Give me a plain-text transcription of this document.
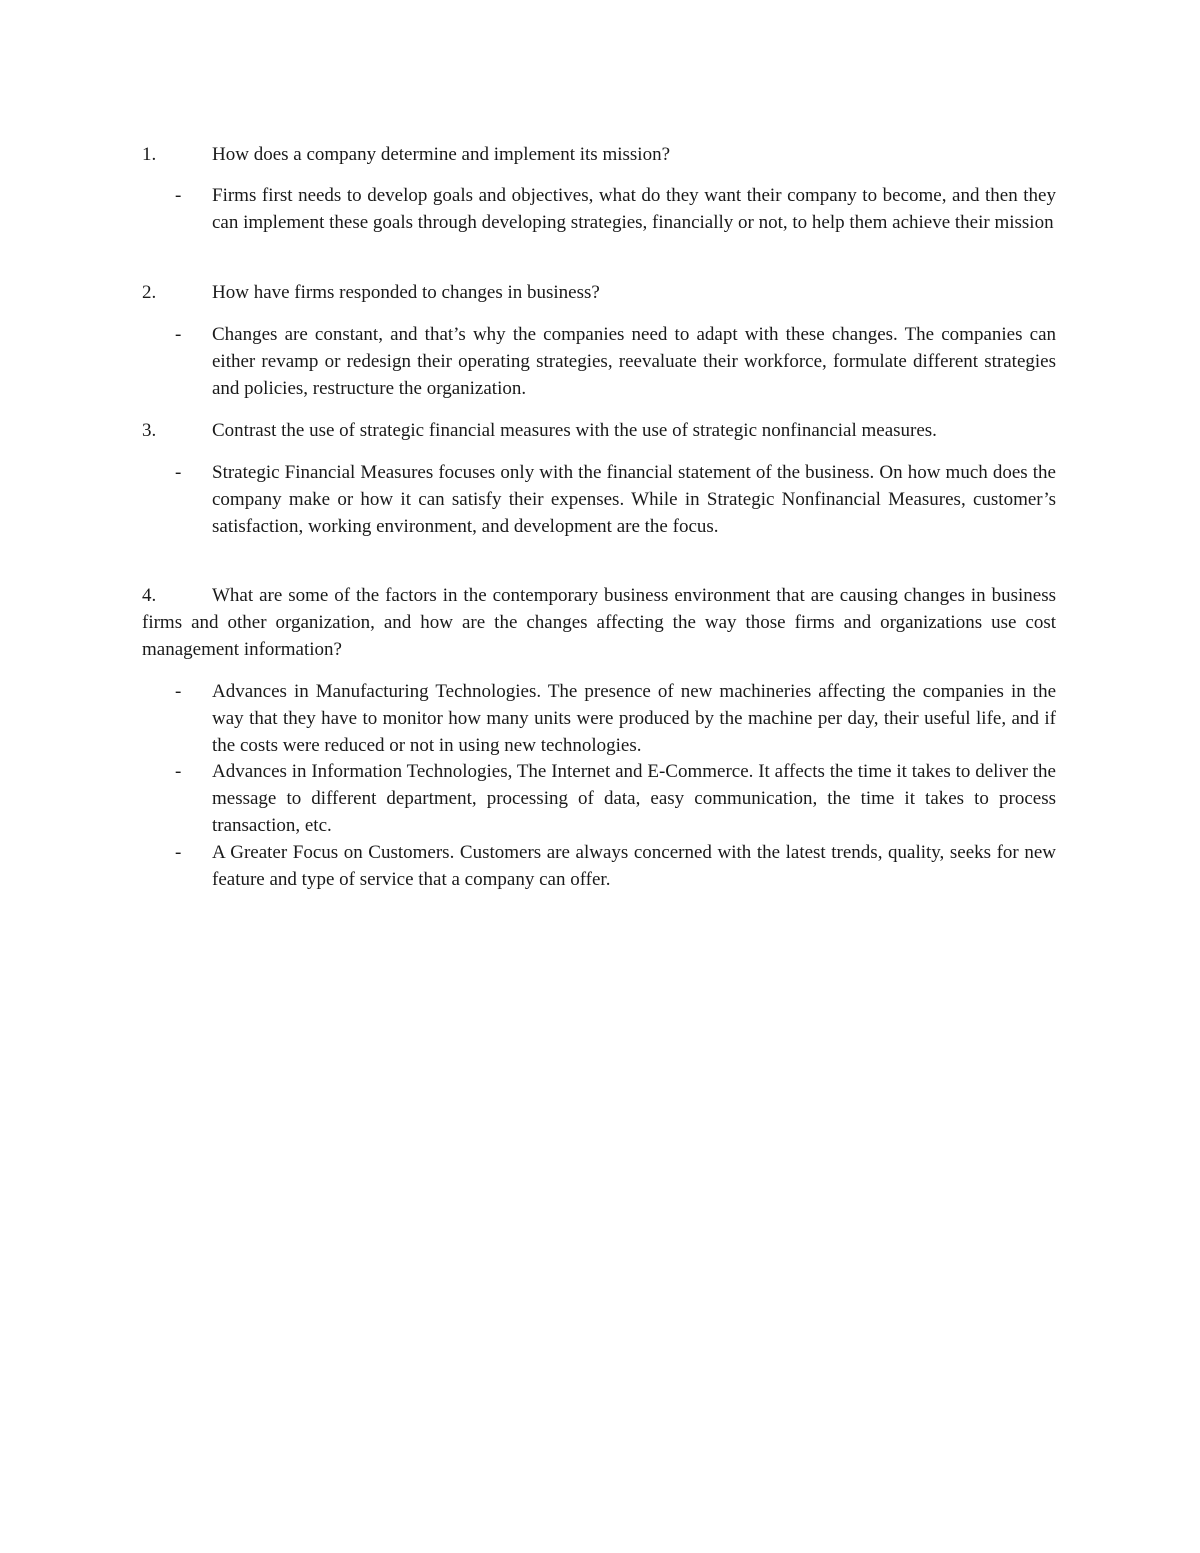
1.	How does a company determine and implement its mission?
- Firms first needs to develop goals and objectives, what do they want their company to become, and then they can implement these goals through developing strategies, financially or not, to help them achieve their mission
2.	How have firms responded to changes in business?
- Changes are constant, and that’s why the companies need to adapt with these changes. The companies can either revamp or redesign their operating strategies, reevaluate their workforce, formulate different strategies and policies, restructure the organization.
3.	Contrast the use of strategic financial measures with the use of strategic nonfinancial measures.
- Strategic Financial Measures focuses only with the financial statement of the business. On how much does the company make or how it can satisfy their expenses. While in Strategic Nonfinancial Measures, customer’s satisfaction, working environment, and development are the focus.
4.	What are some of the factors in the contemporary business environment that are causing changes in business firms and other organization, and how are the changes affecting the way those firms and organizations use cost management information?
- Advances in Manufacturing Technologies. The presence of new machineries affecting the companies in the way that they have to monitor how many units were produced by the machine per day, their useful life, and if the costs were reduced or not in using new technologies.
- Advances in Information Technologies, The Internet and E-Commerce. It affects the time it takes to deliver the message to different department, processing of data, easy communication, the time it takes to process transaction, etc.
- A Greater Focus on Customers. Customers are always concerned with the latest trends, quality, seeks for new feature and type of service that a company can offer.
